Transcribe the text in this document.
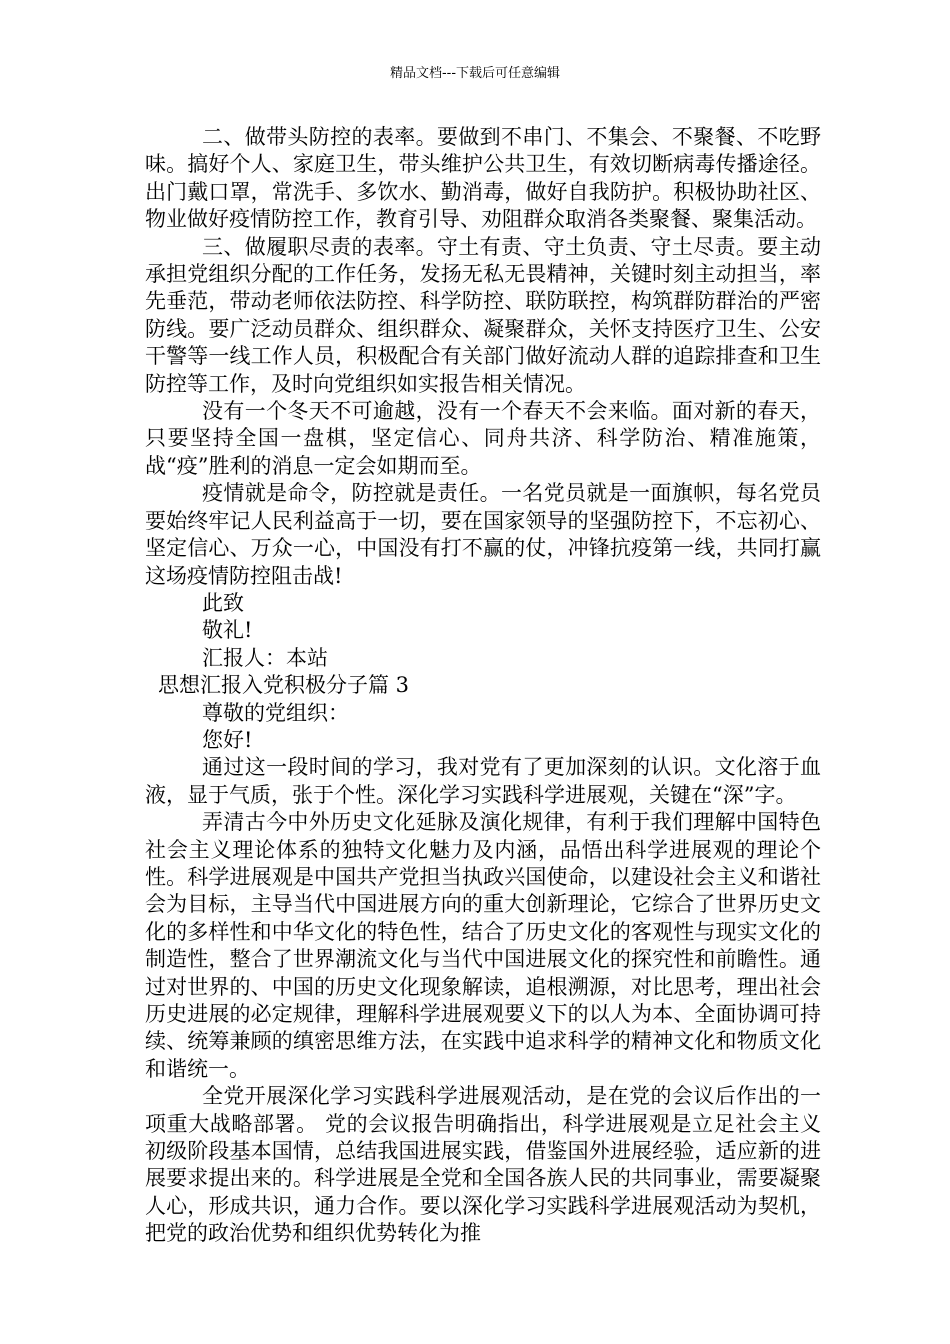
精品文档---下载后可任意编辑

二、做带头防控的表率。要做到不串门、不集会、不聚餐、不吃野味。搞好个人、家庭卫生，带头维护公共卫生，有效切断病毒传播途径。出门戴口罩，常洗手、多饮水、勤消毒，做好自我防护。积极协助社区、物业做好疫情防控工作，教育引导、劝阻群众取消各类聚餐、聚集活动。

三、做履职尽责的表率。守土有责、守土负责、守土尽责。要主动承担党组织分配的工作任务，发扬无私无畏精神，关键时刻主动担当，率先垂范，带动老师依法防控、科学防控、联防联控，构筑群防群治的严密防线。要广泛动员群众、组织群众、凝聚群众，关怀支持医疗卫生、公安干警等一线工作人员，积极配合有关部门做好流动人群的追踪排查和卫生防控等工作，及时向党组织如实报告相关情况。

没有一个冬天不可逾越，没有一个春天不会来临。面对新的春天，只要坚持全国一盘棋，坚定信心、同舟共济、科学防治、精准施策，战“疫”胜利的消息一定会如期而至。

疫情就是命令，防控就是责任。一名党员就是一面旗帜，每名党员要始终牢记人民利益高于一切，要在国家领导的坚强防控下，不忘初心、坚定信心、万众一心，中国没有打不赢的仗，冲锋抗疫第一线，共同打赢这场疫情防控阻击战!

此致

敬礼!

汇报人：本站

思想汇报入党积极分子篇 3

尊敬的党组织：

您好!

通过这一段时间的学习，我对党有了更加深刻的认识。文化溶于血液，显于气质，张于个性。深化学习实践科学进展观，关键在“深”字。

弄清古今中外历史文化延脉及演化规律，有利于我们理解中国特色社会主义理论体系的独特文化魅力及内涵，品悟出科学进展观的理论个性。科学进展观是中国共产党担当执政兴国使命，以建设社会主义和谐社会为目标，主导当代中国进展方向的重大创新理论，它综合了世界历史文化的多样性和中华文化的特色性，结合了历史文化的客观性与现实文化的制造性，整合了世界潮流文化与当代中国进展文化的探究性和前瞻性。通过对世界的、中国的历史文化现象解读，追根溯源，对比思考，理出社会历史进展的必定规律，理解科学进展观要义下的以人为本、全面协调可持续、统筹兼顾的缜密思维方法，在实践中追求科学的精神文化和物质文化和谐统一。

全党开展深化学习实践科学进展观活动，是在党的会议后作出的一项重大战略部署。 党的会议报告明确指出，科学进展观是立足社会主义初级阶段基本国情，总结我国进展实践，借鉴国外进展经验，适应新的进展要求提出来的。科学进展是全党和全国各族人民的共同事业，需要凝聚人心，形成共识，通力合作。要以深化学习实践科学进展观活动为契机，把党的政治优势和组织优势转化为推
